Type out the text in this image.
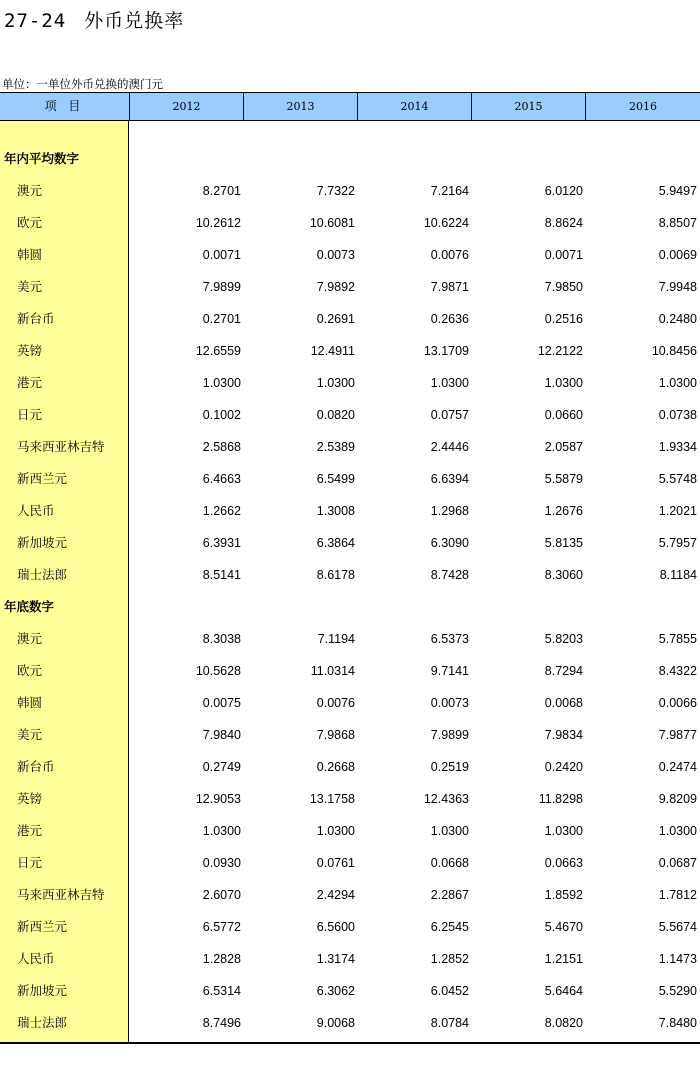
27-24 外币兑换率
单位：一单位外币兑换的澳门元
项 目	2012	2013	2014	2015	2016
年内平均数字
澳元	8.2701	7.7322	7.2164	6.0120	5.9497
欧元	10.2612	10.6081	10.6224	8.8624	8.8507
韩圆	0.0071	0.0073	0.0076	0.0071	0.0069
美元	7.9899	7.9892	7.9871	7.9850	7.9948
新台币	0.2701	0.2691	0.2636	0.2516	0.2480
英镑	12.6559	12.4911	13.1709	12.2122	10.8456
港元	1.0300	1.0300	1.0300	1.0300	1.0300
日元	0.1002	0.0820	0.0757	0.0660	0.0738
马来西亚林吉特	2.5868	2.5389	2.4446	2.0587	1.9334
新西兰元	6.4663	6.5499	6.6394	5.5879	5.5748
人民币	1.2662	1.3008	1.2968	1.2676	1.2021
新加坡元	6.3931	6.3864	6.3090	5.8135	5.7957
瑞士法郎	8.5141	8.6178	8.7428	8.3060	8.1184
年底数字
澳元	8.3038	7.1194	6.5373	5.8203	5.7855
欧元	10.5628	11.0314	9.7141	8.7294	8.4322
韩圆	0.0075	0.0076	0.0073	0.0068	0.0066
美元	7.9840	7.9868	7.9899	7.9834	7.9877
新台币	0.2749	0.2668	0.2519	0.2420	0.2474
英镑	12.9053	13.1758	12.4363	11.8298	9.8209
港元	1.0300	1.0300	1.0300	1.0300	1.0300
日元	0.0930	0.0761	0.0668	0.0663	0.0687
马来西亚林吉特	2.6070	2.4294	2.2867	1.8592	1.7812
新西兰元	6.5772	6.5600	6.2545	5.4670	5.5674
人民币	1.2828	1.3174	1.2852	1.2151	1.1473
新加坡元	6.5314	6.3062	6.0452	5.6464	5.5290
瑞士法郎	8.7496	9.0068	8.0784	8.0820	7.8480
